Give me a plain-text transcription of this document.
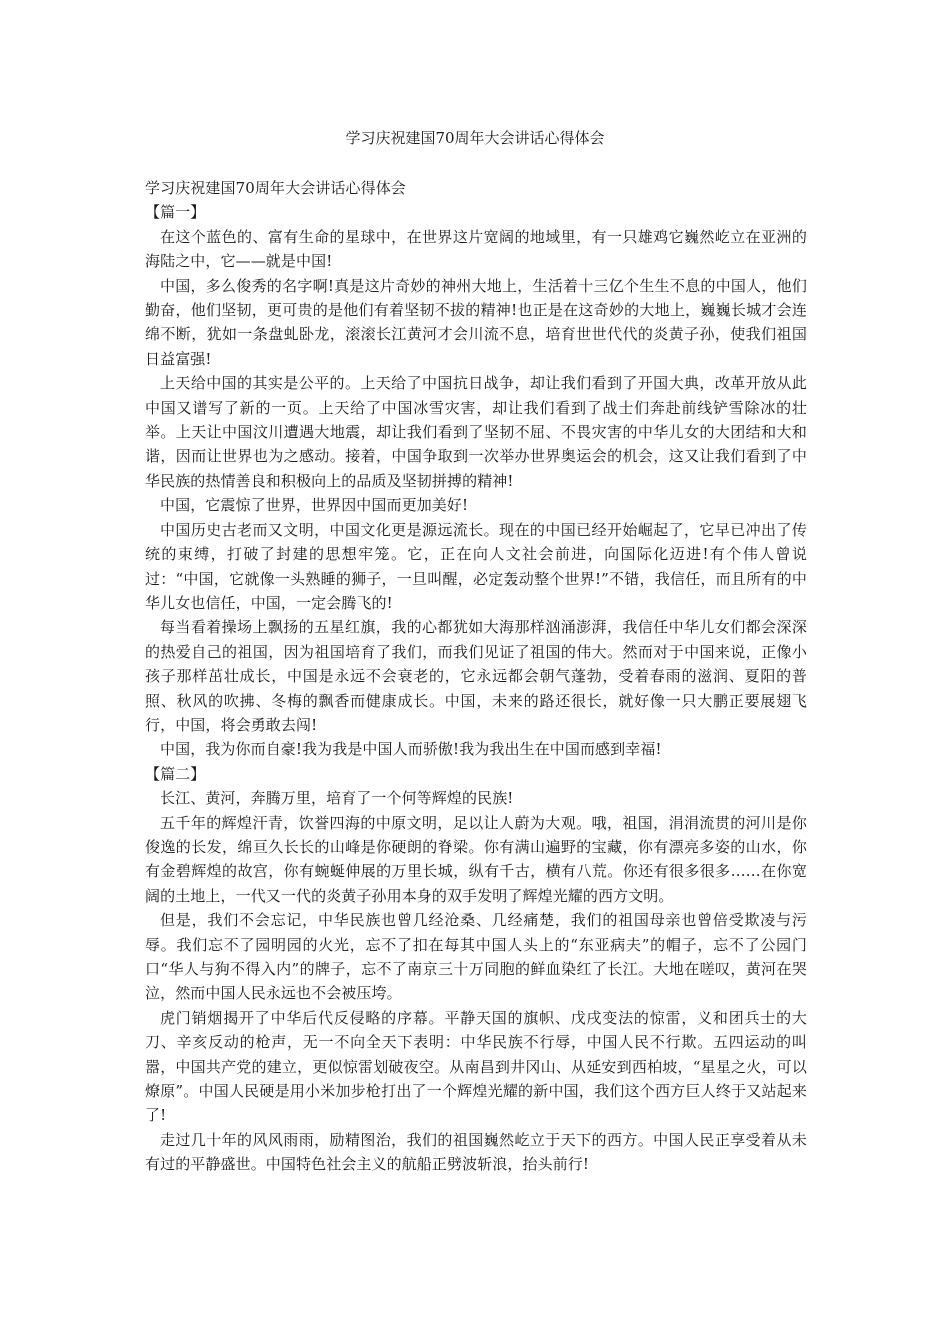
学习庆祝建国70周年大会讲话心得体会

学习庆祝建国70周年大会讲话心得体会

【篇一】

在这个蓝色的、富有生命的星球中，在世界这片宽阔的地域里，有一只雄鸡它巍然屹立在亚洲的海陆之中，它——就是中国!

中国，多么俊秀的名字啊!真是这片奇妙的神州大地上，生活着十三亿个生生不息的中国人，他们勤奋，他们坚韧，更可贵的是他们有着坚韧不拔的精神!也正是在这奇妙的大地上，巍巍长城才会连绵不断，犹如一条盘虬卧龙，滚滚长江黄河才会川流不息，培育世世代代的炎黄子孙，使我们祖国日益富强!

上天给中国的其实是公平的。上天给了中国抗日战争，却让我们看到了开国大典，改革开放从此中国又谱写了新的一页。上天给了中国冰雪灾害，却让我们看到了战士们奔赴前线铲雪除冰的壮举。上天让中国汶川遭遇大地震，却让我们看到了坚韧不屈、不畏灾害的中华儿女的大团结和大和谐，因而让世界也为之感动。接着，中国争取到一次举办世界奥运会的机会，这又让我们看到了中华民族的热情善良和积极向上的品质及坚韧拼搏的精神!

中国，它震惊了世界，世界因中国而更加美好!

中国历史古老而又文明，中国文化更是源远流长。现在的中国已经开始崛起了，它早已冲出了传统的束缚，打破了封建的思想牢笼。它，正在向人文社会前进，向国际化迈进!有个伟人曾说过：“中国，它就像一头熟睡的狮子，一旦叫醒，必定轰动整个世界!”不错，我信任，而且所有的中华儿女也信任，中国，一定会腾飞的!

每当看着操场上飘扬的五星红旗，我的心都犹如大海那样汹涌澎湃，我信任中华儿女们都会深深的热爱自己的祖国，因为祖国培育了我们，而我们见证了祖国的伟大。然而对于中国来说，正像小孩子那样茁壮成长，中国是永远不会衰老的，它永远都会朝气蓬勃，受着春雨的滋润、夏阳的普照、秋风的吹拂、冬梅的飘香而健康成长。中国，未来的路还很长，就好像一只大鹏正要展翅飞行，中国，将会勇敢去闯!

中国，我为你而自豪!我为我是中国人而骄傲!我为我出生在中国而感到幸福!

【篇二】

长江、黄河，奔腾万里，培育了一个何等辉煌的民族!

五千年的辉煌汗青，饮誉四海的中原文明，足以让人蔚为大观。哦，祖国，涓涓流贯的河川是你俊逸的长发，绵亘久长长的山峰是你硬朗的脊梁。你有满山遍野的宝藏，你有漂亮多姿的山水，你有金碧辉煌的故宫，你有蜿蜒伸展的万里长城，纵有千古，横有八荒。你还有很多很多……在你宽阔的土地上，一代又一代的炎黄子孙用本身的双手发明了辉煌光耀的西方文明。

但是，我们不会忘记，中华民族也曾几经沧桑、几经痛楚，我们的祖国母亲也曾倍受欺凌与污辱。我们忘不了园明园的火光，忘不了扣在每其中国人头上的“东亚病夫”的帽子，忘不了公园门口“华人与狗不得入内”的牌子，忘不了南京三十万同胞的鲜血染红了长江。大地在嗟叹，黄河在哭泣，然而中国人民永远也不会被压垮。

虎门销烟揭开了中华后代反侵略的序幕。平静天国的旗帜、戊戌变法的惊雷，义和团兵士的大刀、辛亥反动的枪声，无一不向全天下表明：中华民族不行辱，中国人民不行欺。五四运动的叫嚣，中国共产党的建立，更似惊雷划破夜空。从南昌到井冈山、从延安到西柏坡，“星星之火，可以燎原”。中国人民硬是用小米加步枪打出了一个辉煌光耀的新中国，我们这个西方巨人终于又站起来了!

走过几十年的风风雨雨，励精图治，我们的祖国巍然屹立于天下的西方。中国人民正享受着从未有过的平静盛世。中国特色社会主义的航船正劈波斩浪，抬头前行!
